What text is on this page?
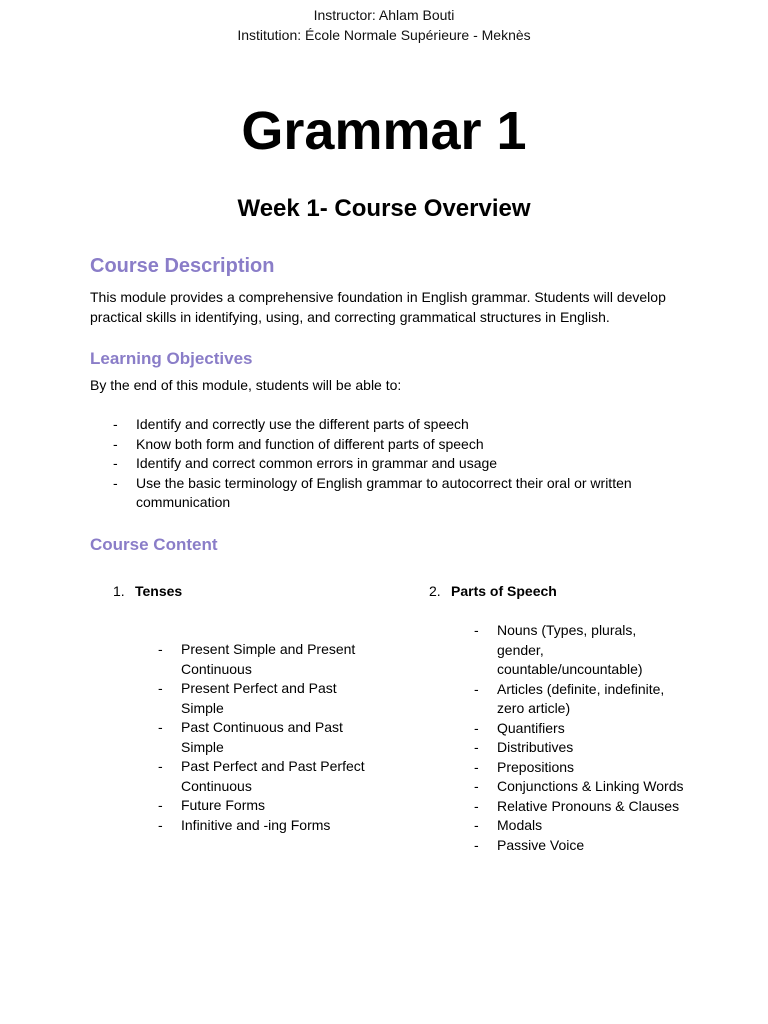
Instructor: Ahlam Bouti
Institution: École Normale Supérieure - Meknès
Grammar 1
Week 1- Course Overview
Course Description
This module provides a comprehensive foundation in English grammar. Students will develop practical skills in identifying, using, and correcting grammatical structures in English.
Learning Objectives
By the end of this module, students will be able to:
- Identify and correctly use the different parts of speech
- Know both form and function of different parts of speech
- Identify and correct common errors in grammar and usage
- Use the basic terminology of English grammar to autocorrect their oral or written communication
Course Content
1. Tenses
- Present Simple and Present Continuous
- Present Perfect and Past Simple
- Past Continuous and Past Simple
- Past Perfect and Past Perfect Continuous
- Future Forms
- Infinitive and -ing Forms
2. Parts of Speech
- Nouns (Types, plurals, gender, countable/uncountable)
- Articles (definite, indefinite, zero article)
- Quantifiers
- Distributives
- Prepositions
- Conjunctions & Linking Words
- Relative Pronouns & Clauses
- Modals
- Passive Voice
